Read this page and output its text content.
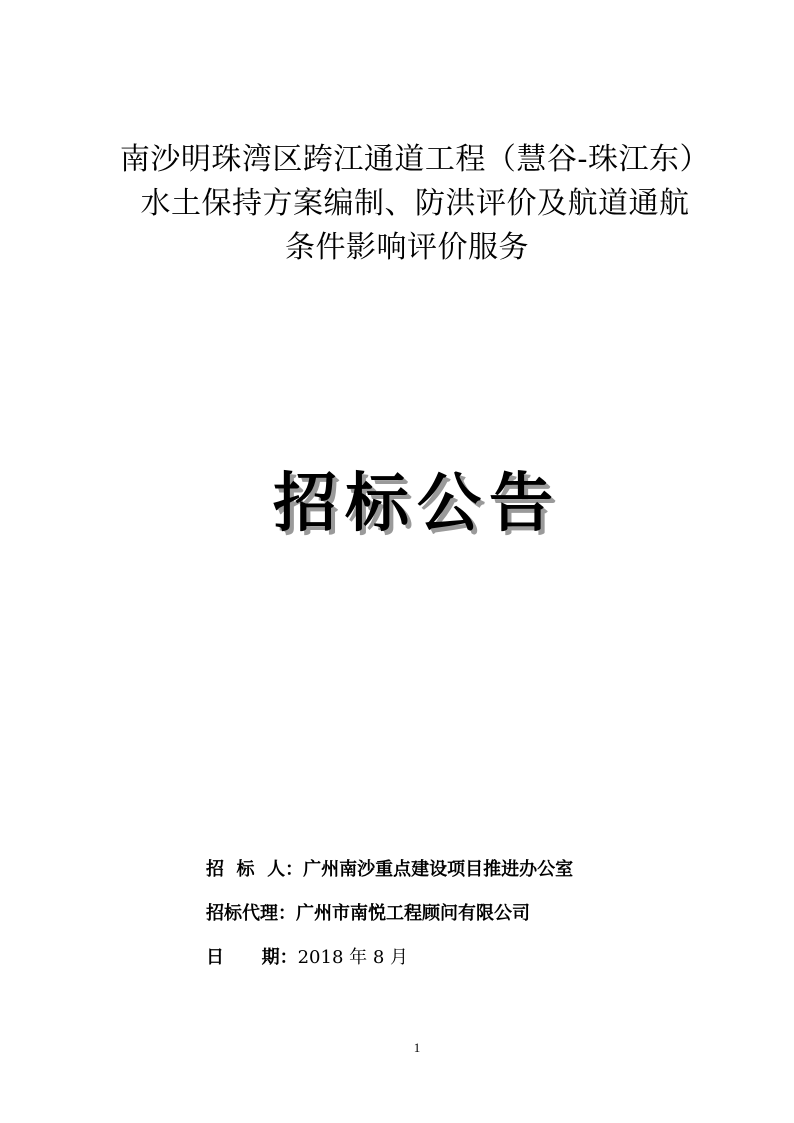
南沙明珠湾区跨江通道工程（慧谷-珠江东）
水土保持方案编制、防洪评价及航道通航
条件影响评价服务
招标公告
招  标  人：广州南沙重点建设项目推进办公室
招标代理：广州市南悦工程顾问有限公司
日      期：2018 年 8 月
1
